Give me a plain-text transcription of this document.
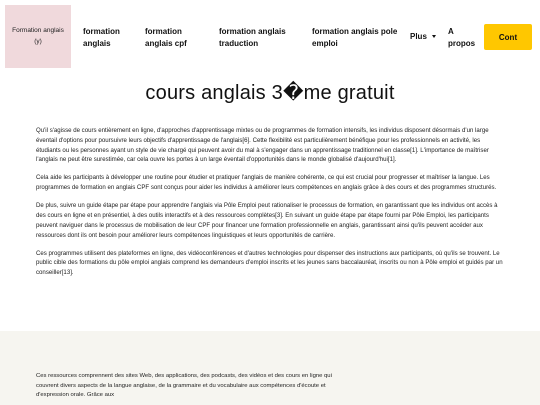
Formation anglais
(y)
formation
anglais
formation
anglais cpf
formation anglais
traduction
formation anglais pole
emploi
Plus
A
propos
Cont
cours anglais 3�me gratuit

Qu'il s'agisse de cours entièrement en ligne, d'approches d'apprentissage mixtes ou de programmes de formation intensifs, les individus disposent désormais d'un large éventail d'options pour poursuivre leurs objectifs d'apprentissage de l'anglais[6]. Cette flexibilité est particulièrement bénéfique pour les professionnels en activité, les étudiants ou les personnes ayant un style de vie chargé qui peuvent avoir du mal à s'engager dans un apprentissage traditionnel en classe[1]. L'importance de maîtriser l'anglais ne peut être surestimée, car cela ouvre les portes à un large éventail d'opportunités dans le monde globalisé d'aujourd'hui[1].

Cela aide les participants à développer une routine pour étudier et pratiquer l'anglais de manière cohérente, ce qui est crucial pour progresser et maîtriser la langue. Les programmes de formation en anglais CPF sont conçus pour aider les individus à améliorer leurs compétences en anglais grâce à des cours et des programmes structurés.

De plus, suivre un guide étape par étape pour apprendre l'anglais via Pôle Emploi peut rationaliser le processus de formation, en garantissant que les individus ont accès à des cours en ligne et en présentiel, à des outils interactifs et à des ressources complètes[3]. En suivant un guide étape par étape fourni par Pôle Emploi, les participants peuvent naviguer dans le processus de mobilisation de leur CPF pour financer une formation professionnelle en anglais, garantissant ainsi qu'ils peuvent accéder aux ressources dont ils ont besoin pour améliorer leurs compétences linguistiques et leurs opportunités de carrière.

Ces programmes utilisent des plateformes en ligne, des vidéoconférences et d'autres technologies pour dispenser des instructions aux participants, où qu'ils se trouvent. Le public cible des formations du pôle emploi anglais comprend les demandeurs d'emploi inscrits et les jeunes sans baccalauréat, inscrits ou non à Pôle emploi et guidés par un conseiller[13].

Ces ressources comprennent des sites Web, des applications, des podcasts, des vidéos et des cours en ligne qui couvrent divers aspects de la langue anglaise, de la grammaire et du vocabulaire aux compétences d'écoute et d'expression orale. Grâce aux
